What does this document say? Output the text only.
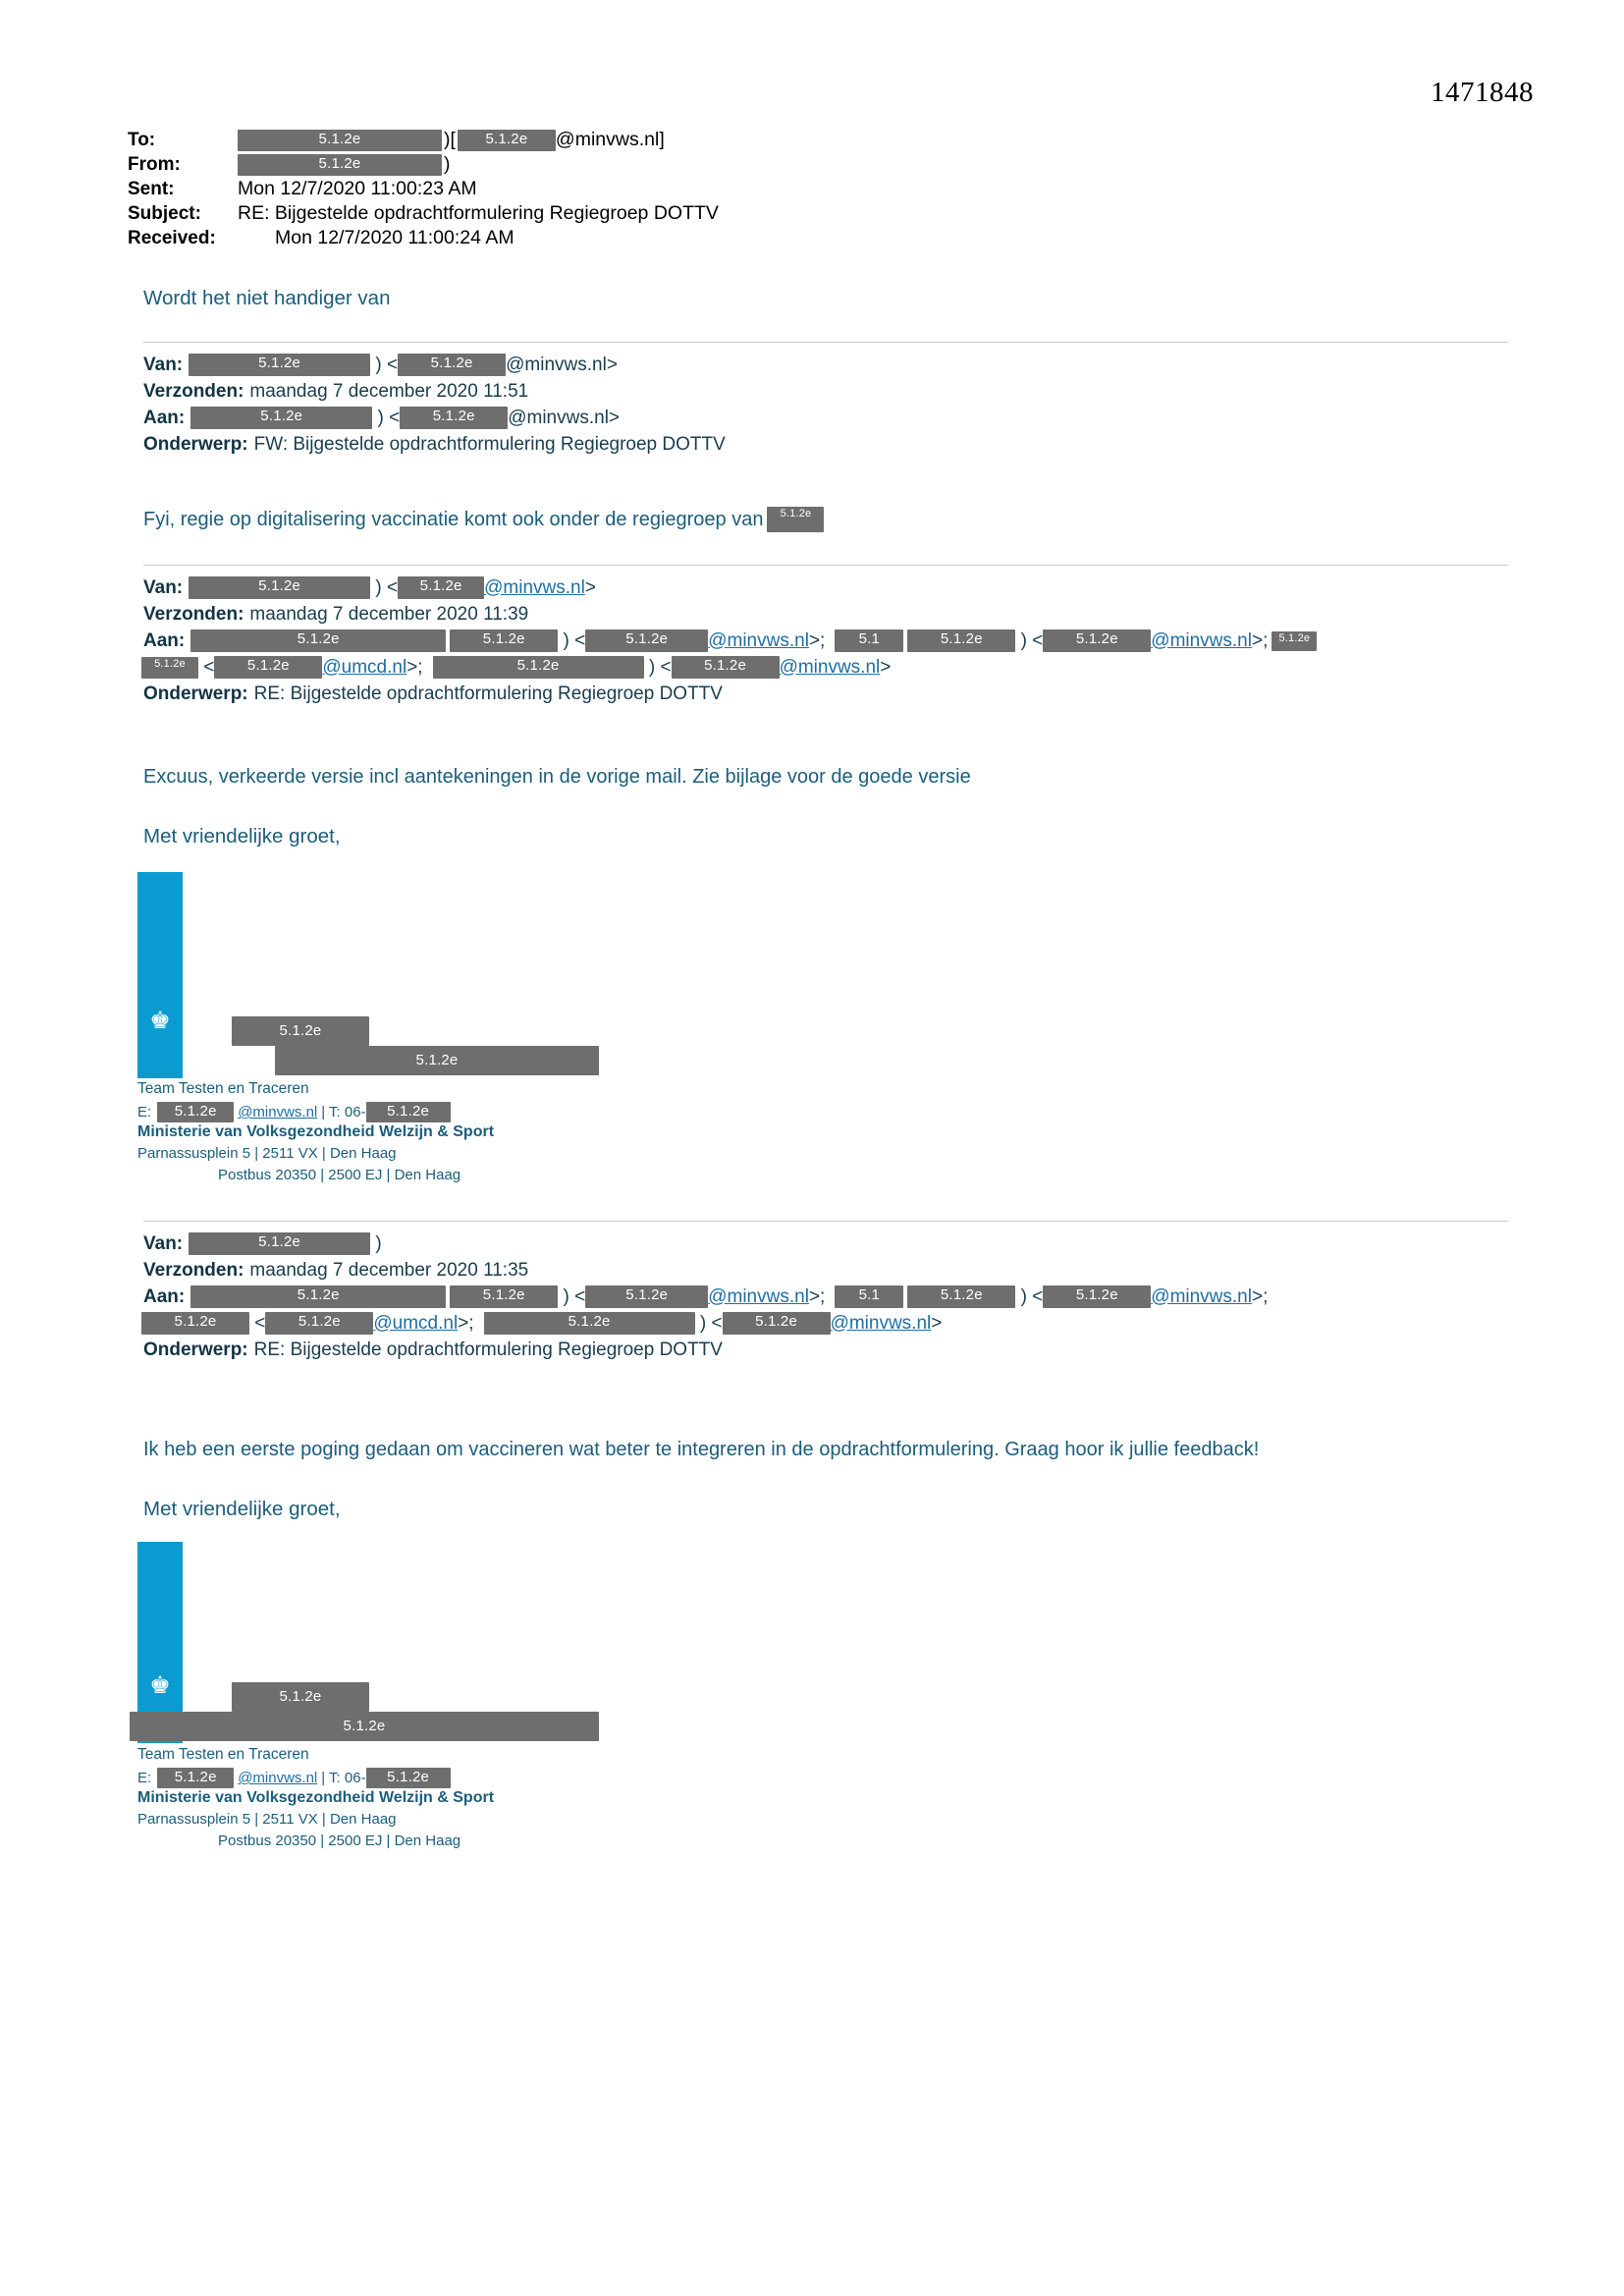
1471848
To:	5.1.2e	)[	5.1.2e	@minvws.nl]
From:	5.1.2e	)
Sent:	Mon 12/7/2020 11:00:23 AM
Subject:	RE: Bijgestelde opdrachtformulering Regiegroep DOTTV
Received:	Mon 12/7/2020 11:00:24 AM
Wordt het niet handiger van
Van:	5.1.2e	) <	5.1.2e	@minvws.nl >
Verzonden: maandag 7 december 2020 11:51
Aan:	5.1.2e	) <	5.1.2e	@minvws.nl >
Onderwerp: FW: Bijgestelde opdrachtformulering Regiegroep DOTTV
Fyi, regie op digitalisering vaccinatie komt ook onder de regiegroep van	5.1.2e
Van:	5.1.2e	) <	5.1.2e	@minvws.nl >
Verzonden: maandag 7 december 2020 11:39
Aan:	5.1.2e	5.1.2e	) <	5.1.2e	@minvws.nl >;	5.1	5.1.2e	) <	5.1.2e	@minvws.nl >;	5.1.2e
5.1.2e <	5.1.2e	@umcd.nl >;	5.1.2e	) <	5.1.2e	@minvws.nl >
Onderwerp: RE: Bijgestelde opdrachtformulering Regiegroep DOTTV
Excuus, verkeerde versie incl aantekeningen in de vorige mail. Zie bijlage voor de goede versie
Met vriendelijke groet,
♚	5.1.2e
5.1.2e
Team Testen en Traceren
E:	5.1.2e	@minvws.nl | T: 06-	5.1.2e
Ministerie van Volksgezondheid Welzijn & Sport
Parnassusplein 5 | 2511 VX | Den Haag
Postbus 20350 | 2500 EJ | Den Haag
Van:	5.1.2e	)
Verzonden: maandag 7 december 2020 11:35
Aan:	5.1.2e	5.1.2e	) <	5.1.2e	@minvws.nl >;	5.1	5.1.2e	) <	5.1.2e	@minvws.nl >;
5.1.2e	<	5.1.2e	@umcd.nl >;	5.1.2e	) <	5.1.2e	@minvws.nl >
Onderwerp: RE: Bijgestelde opdrachtformulering Regiegroep DOTTV
Ik heb een eerste poging gedaan om vaccineren wat beter te integreren in de opdrachtformulering. Graag hoor ik jullie feedback!
Met vriendelijke groet,
♚	5.1.2e
5.1.2e
Team Testen en Traceren
E:	5.1.2e	@minvws.nl | T: 06-	5.1.2e
Ministerie van Volksgezondheid Welzijn & Sport
Parnassusplein 5 | 2511 VX | Den Haag
Postbus 20350 | 2500 EJ | Den Haag
